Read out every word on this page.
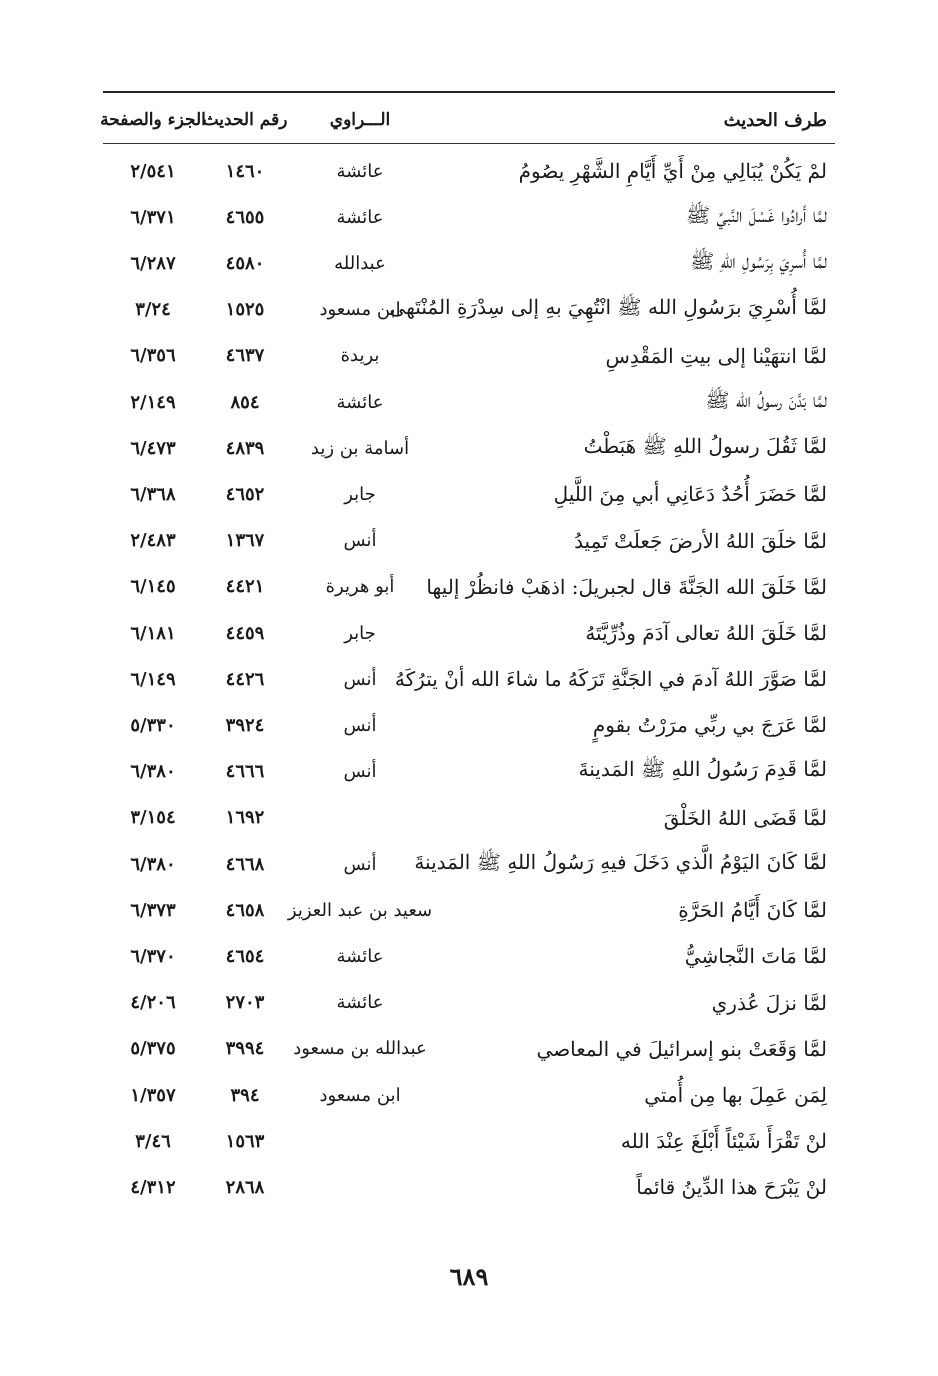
طرف الحديث
الـــراوي
رقم الحديث
الجزء والصفحة
لمْ يَكُنْ يُبَالِي مِنْ أَيِّ أَيَّامِ الشَّهْرِ يصُومُ
عائشة
١٤٦٠
٢/٥٤١
لمَّا أَرادُوا غَسْلَ النَّبيِّ ﷺ
عائشة
٤٦٥٥
٦/٣٧١
لمَّا أُسرِيَ بِرَسُولِ اللهِ ﷺ
عبدالله
٤٥٨٠
٦/٢٨٧
لمَّا أُسْرِيَ برَسُولِ الله ﷺ انْتُهِيَ بهِ إلى سِدْرَةِ المُنْتَهى
ابن مسعود
١٥٢٥
٣/٢٤
لمَّا انتهَيْنا إلى بيتِ المَقْدِسِ
بريدة
٤٦٣٧
٦/٣٥٦
لمَّا بَدَّنَ رسولُ الله ﷺ
عائشة
٨٥٤
٢/١٤٩
لمَّا ثَقُلَ رسولُ اللهِ ﷺ هَبَطْتُ
أسامة بن زيد
٤٨٣٩
٦/٤٧٣
لمَّا حَضَرَ أُحُدٌ دَعَانِي أبي مِنَ اللَّيلِ
جابر
٤٦٥٢
٦/٣٦٨
لمَّا خلَقَ اللهُ الأرضَ جَعلَتْ تَمِيدُ
أنس
١٣٦٧
٢/٤٨٣
لمَّا خَلَقَ الله الجَنَّةَ قال لجبريلَ: اذهَبْ فانظُرْ إليها
أبو هريرة
٤٤٢١
٦/١٤٥
لمَّا خَلَقَ اللهُ تعالى آدَمَ وذُرِّيَّتَهُ
جابر
٤٤٥٩
٦/١٨١
لمَّا صَوَّرَ اللهُ آدمَ في الجَنَّةِ تَرَكَهُ ما شاءَ الله أنْ يترُكَهُ
أنس
٤٤٢٦
٦/١٤٩
لمَّا عَرَجَ بي ربِّي مرَرْتُ بقومٍ
أنس
٣٩٢٤
٥/٣٣٠
لمَّا قَدِمَ رَسُولُ اللهِ ﷺ المَدينةَ
أنس
٤٦٦٦
٦/٣٨٠
لمَّا قَضَى اللهُ الخَلْقَ
١٦٩٢
٣/١٥٤
لمَّا كَانَ اليَوْمُ الَّذي دَخَلَ فيهِ رَسُولُ اللهِ ﷺ المَدينةَ
أنس
٤٦٦٨
٦/٣٨٠
لمَّا كَانَ أَيَّامُ الحَرَّةِ
سعيد بن عبد العزيز
٤٦٥٨
٦/٣٧٣
لمَّا مَاتَ النَّجاشِيُّ
عائشة
٤٦٥٤
٦/٣٧٠
لمَّا نزلَ عُذري
عائشة
٢٧٠٣
٤/٢٠٦
لمَّا وَقَعَتْ بنو إسرائيلَ في المعاصي
عبدالله بن مسعود
٣٩٩٤
٥/٣٧٥
لِمَن عَمِلَ بها مِن أُمتي
ابن مسعود
٣٩٤
١/٣٥٧
لنْ تَقْرَأَ شَيْئاً أَبْلَغَ عِنْدَ الله
١٥٦٣
٣/٤٦
لنْ يَبْرَحَ هذا الدِّينُ قائماً
٢٨٦٨
٤/٣١٢
٦٨٩
